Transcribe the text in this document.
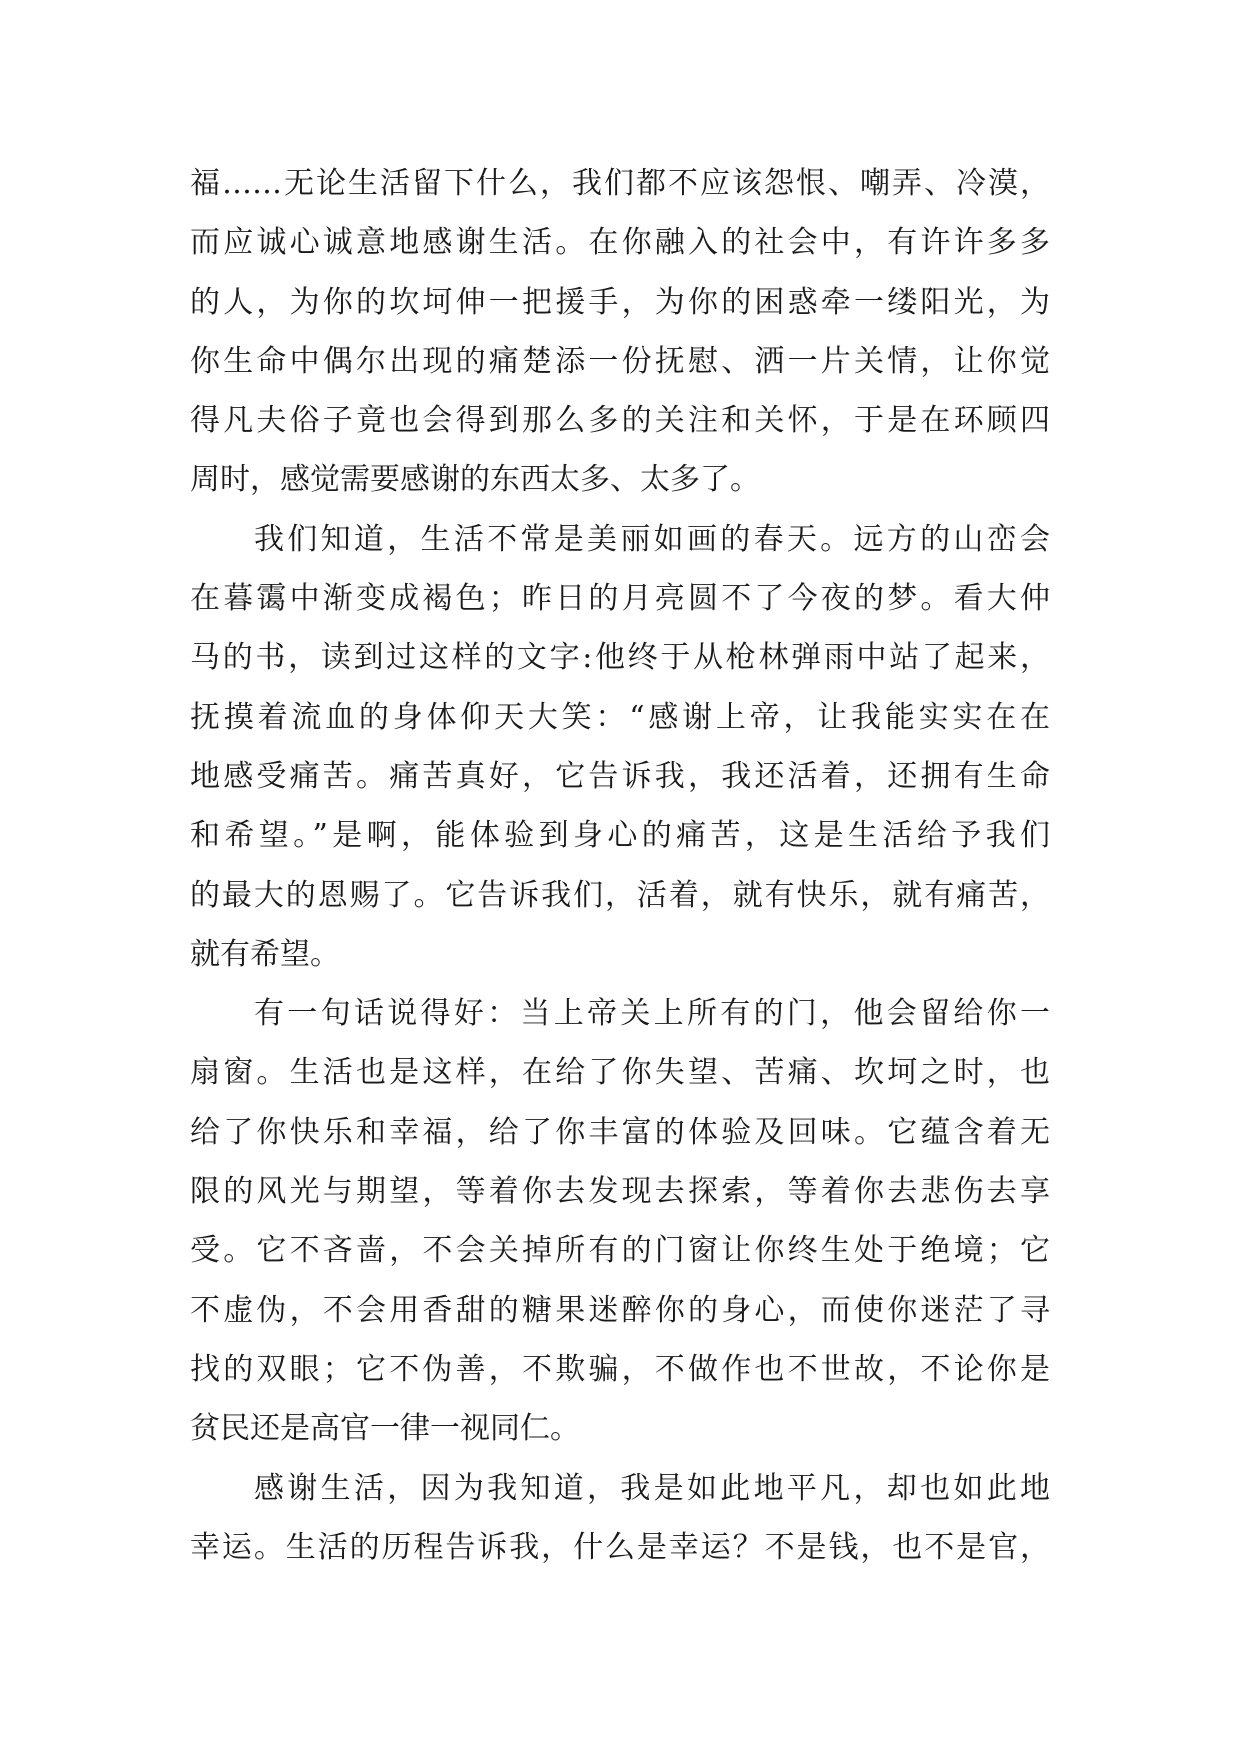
福……无论生活留下什么，我们都不应该怨恨、嘲弄、冷漠，
而应诚心诚意地感谢生活。在你融入的社会中，有许许多多
的人，为你的坎坷伸一把援手，为你的困惑牵一缕阳光，为
你生命中偶尔出现的痛楚添一份抚慰、洒一片关情，让你觉
得凡夫俗子竟也会得到那么多的关注和关怀，于是在环顾四
周时，感觉需要感谢的东西太多、太多了。
我们知道，生活不常是美丽如画的春天。远方的山峦会
在暮霭中渐变成褐色；昨日的月亮圆不了今夜的梦。看大仲
马的书，读到过这样的文字:他终于从枪林弹雨中站了起来，
抚摸着流血的身体仰天大笑：“感谢上帝，让我能实实在在
地感受痛苦。痛苦真好，它告诉我，我还活着，还拥有生命
和希望。”是啊，能体验到身心的痛苦，这是生活给予我们
的最大的恩赐了。它告诉我们，活着，就有快乐，就有痛苦，
就有希望。
有一句话说得好：当上帝关上所有的门，他会留给你一
扇窗。生活也是这样，在给了你失望、苦痛、坎坷之时，也
给了你快乐和幸福，给了你丰富的体验及回味。它蕴含着无
限的风光与期望，等着你去发现去探索，等着你去悲伤去享
受。它不吝啬，不会关掉所有的门窗让你终生处于绝境；它
不虚伪，不会用香甜的糖果迷醉你的身心，而使你迷茫了寻
找的双眼；它不伪善，不欺骗，不做作也不世故，不论你是
贫民还是高官一律一视同仁。
感谢生活，因为我知道，我是如此地平凡，却也如此地
幸运。生活的历程告诉我，什么是幸运？不是钱，也不是官，
